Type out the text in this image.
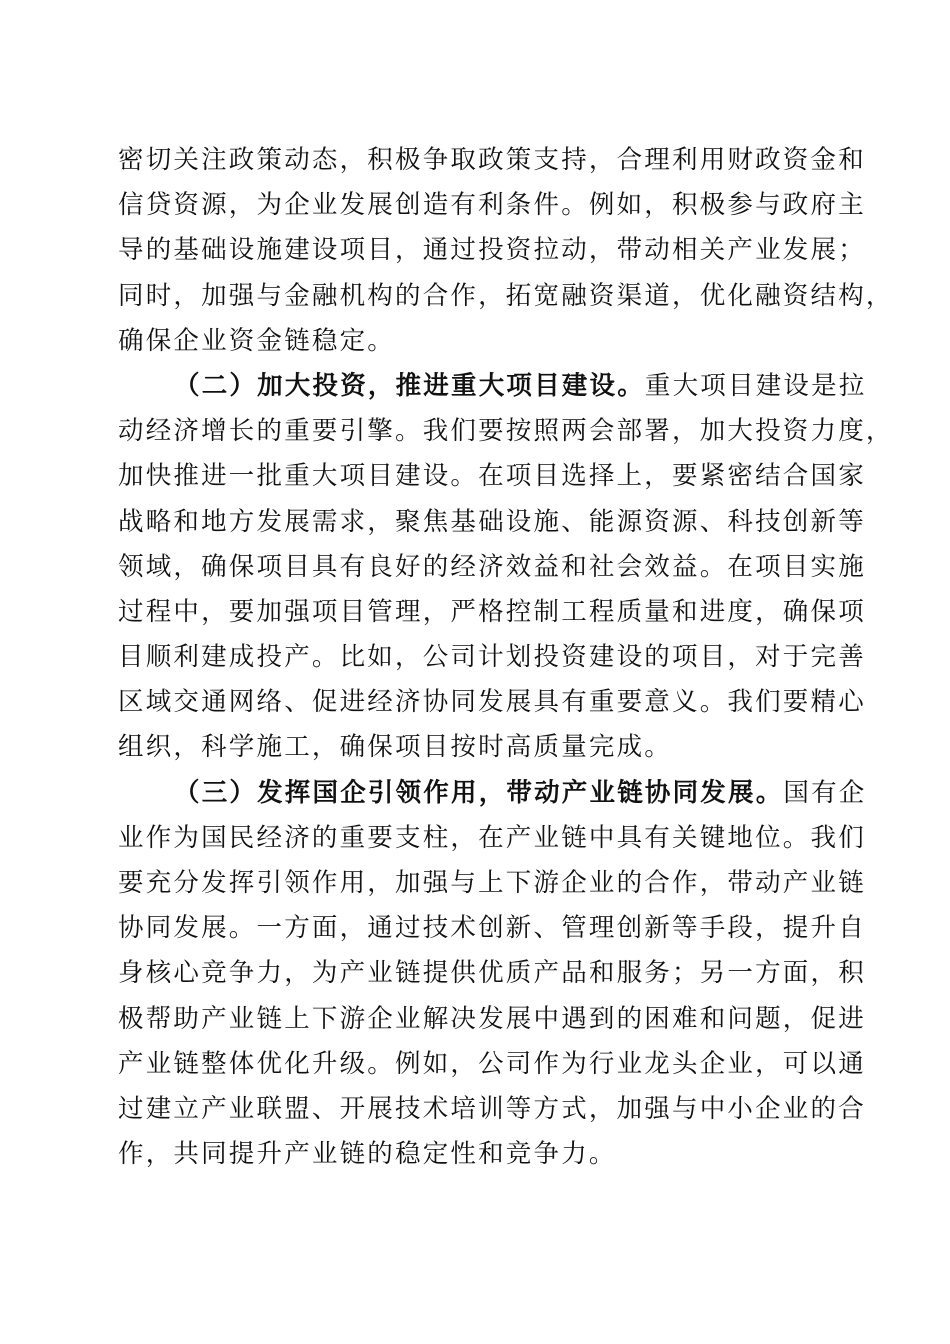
密切关注政策动态，积极争取政策支持，合理利用财政资金和
信贷资源，为企业发展创造有利条件。例如，积极参与政府主
导的基础设施建设项目，通过投资拉动，带动相关产业发展；
同时，加强与金融机构的合作，拓宽融资渠道，优化融资结构，
确保企业资金链稳定。
（二）加大投资，推进重大项目建设。重大项目建设是拉
动经济增长的重要引擎。我们要按照两会部署，加大投资力度，
加快推进一批重大项目建设。在项目选择上，要紧密结合国家
战略和地方发展需求，聚焦基础设施、能源资源、科技创新等
领域，确保项目具有良好的经济效益和社会效益。在项目实施
过程中，要加强项目管理，严格控制工程质量和进度，确保项
目顺利建成投产。比如，公司计划投资建设的项目，对于完善
区域交通网络、促进经济协同发展具有重要意义。我们要精心
组织，科学施工，确保项目按时高质量完成。
（三）发挥国企引领作用，带动产业链协同发展。国有企
业作为国民经济的重要支柱，在产业链中具有关键地位。我们
要充分发挥引领作用，加强与上下游企业的合作，带动产业链
协同发展。一方面，通过技术创新、管理创新等手段，提升自
身核心竞争力，为产业链提供优质产品和服务；另一方面，积
极帮助产业链上下游企业解决发展中遇到的困难和问题，促进
产业链整体优化升级。例如，公司作为行业龙头企业，可以通
过建立产业联盟、开展技术培训等方式，加强与中小企业的合
作，共同提升产业链的稳定性和竞争力。
